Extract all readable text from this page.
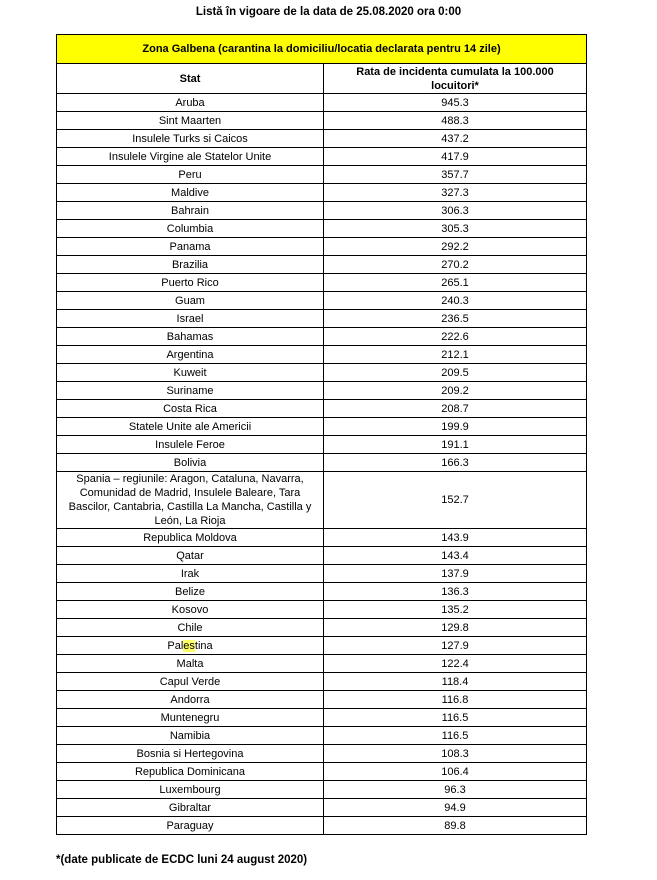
Listă în vigoare de la data de 25.08.2020 ora 0:00
Zona Galbena (carantina la domiciliu/locatia declarata pentru 14 zile)	
Stat	Rata de incidenta cumulata la 100.000 locuitori*
Aruba	945.3
Sint Maarten	488.3
Insulele Turks si Caicos	437.2
Insulele Virgine ale Statelor Unite	417.9
Peru	357.7
Maldive	327.3
Bahrain	306.3
Columbia	305.3
Panama	292.2
Brazilia	270.2
Puerto Rico	265.1
Guam	240.3
Israel	236.5
Bahamas	222.6
Argentina	212.1
Kuweit	209.5
Suriname	209.2
Costa Rica	208.7
Statele Unite ale Americii	199.9
Insulele Feroe	191.1
Bolivia	166.3
Spania – regiunile: Aragon, Cataluna, Navarra, Comunidad de Madrid, Insulele Baleare, Tara Bascilor, Cantabria, Castilla La Mancha, Castilla y León, La Rioja	152.7
Republica Moldova	143.9
Qatar	143.4
Irak	137.9
Belize	136.3
Kosovo	135.2
Chile	129.8
Palestina	127.9
Malta	122.4
Capul Verde	118.4
Andorra	116.8
Muntenegru	116.5
Namibia	116.5
Bosnia si Hertegovina	108.3
Republica Dominicana	106.4
Luxembourg	96.3
Gibraltar	94.9
Paraguay	89.8
*(date publicate de ECDC luni 24 august 2020)
